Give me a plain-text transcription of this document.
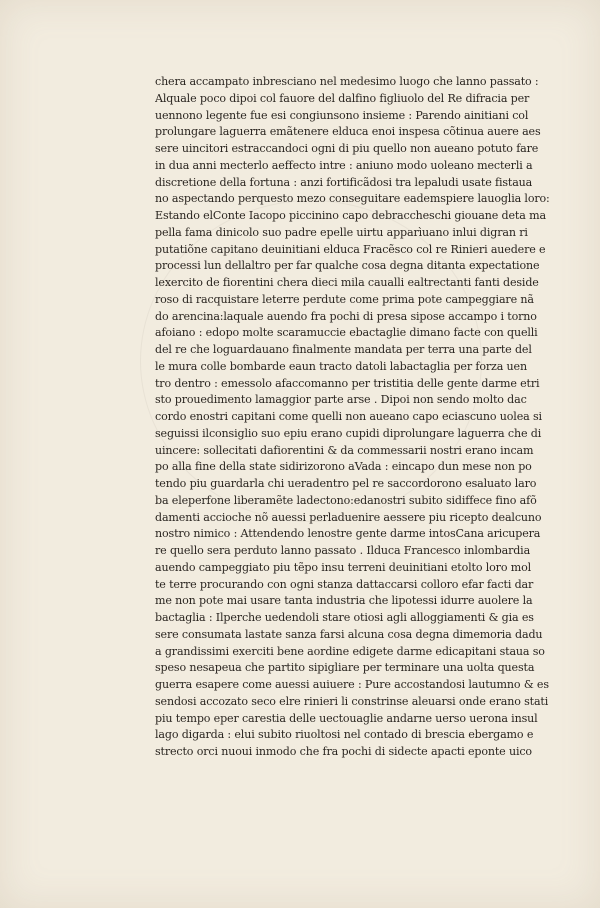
chera accampato inbresciano nel medesimo luogo che lanno passato :
Alquale poco dipoi col fauore del dalfino figliuolo del Re difracia per
uennono legente fue esi congiunsono insieme : Parendo ainitiani col
prolungare laguerra emãtenere elduca enoi inspesa cõtinua auere aes
sere uincitori estraccandoci ogni di piu quello non aueano potuto fare
in dua anni mecterlo aeffecto intre : aniuno modo uoleano mecterli a
discretione della fortuna : anzi fortificãdosi tra lepaludi usate fistaua
no aspectando perquesto mezo conseguitare eademspiere lauoglia loro:
Estando elConte Iacopo piccinino capo debraccheschi giouane deta ma
pella fama dinicolo suo padre epelle uirtu apparìuano inlui digran ri
putatiõne capitano deuinitiani elduca Fracẽsco col re Rinieri auedere e
processi lun dellaltro per far qualche cosa degna ditanta expectatione
lexercito de fiorentini chera dieci mila caualli ealtrectanti fanti deside
roso di racquistare leterre perdute come prima pote campeggiare nã
do arencina:laquale auendo fra pochi di presa sipose accampo i torno
afoiano : edopo molte scaramuccie ebactaglie dimano facte con quelli
del re che loguardauano finalmente mandata per terra una parte del
le mura colle bombarde eaun tracto datoli labactaglia per forza uen
tro dentro : emessolo afaccomanno per tristitia delle gente darme etri
sto prouedimento lamaggior parte arse . Dipoi non sendo molto dac
cordo enostri capitani come quelli non aueano capo eciascuno uolea si
seguissi ilconsiglio suo epiu erano cupidi diprolungare laguerra che di
uincere: sollecitati dafiorentini & da commessarii nostri erano incam
po alla fine della state sidirizorono aVada : eincapo dun mese non po
tendo piu guardarla chi ueradentro pel re saccordorono esaluato laro
ba eleperfone liberamẽte ladectono:edanostri subito sidiffece fino afõ
damenti accioche nõ auessi perladuenire aessere piu ricepto dealcuno
nostro nimico : Attendendo lenostre gente darme intosCana aricupera
re quello sera perduto lanno passato . Ilduca Francesco inlombardia
auendo campeggiato piu tẽpo insu terreni deuinitiani etolto loro mol
te terre procurando con ogni stanza dattaccarsi colloro efar facti dar
me non pote mai usare tanta industria che lipotessi idurre auolere la
bactaglia : Ilperche uedendoli stare otiosi agli alloggiamenti & gia es
sere consumata lastate sanza farsi alcuna cosa degna dimemoria dadu
a grandissimi exerciti bene aordine edigete darme edicapitani staua so
speso nesapeua che partito sipigliare per terminare una uolta questa
guerra esapere come auessi auiuere : Pure accostandosi lautumno & es
sendosi accozato seco elre rinieri li constrinse aleuarsi onde erano stati
piu tempo eper carestia delle uectouaglie andarne uerso uerona insul
lago digarda : elui subito riuoltosi nel contado di brescia ebergamo e
strecto orci nuoui inmodo che fra pochi di sidecte apacti eponte uico
